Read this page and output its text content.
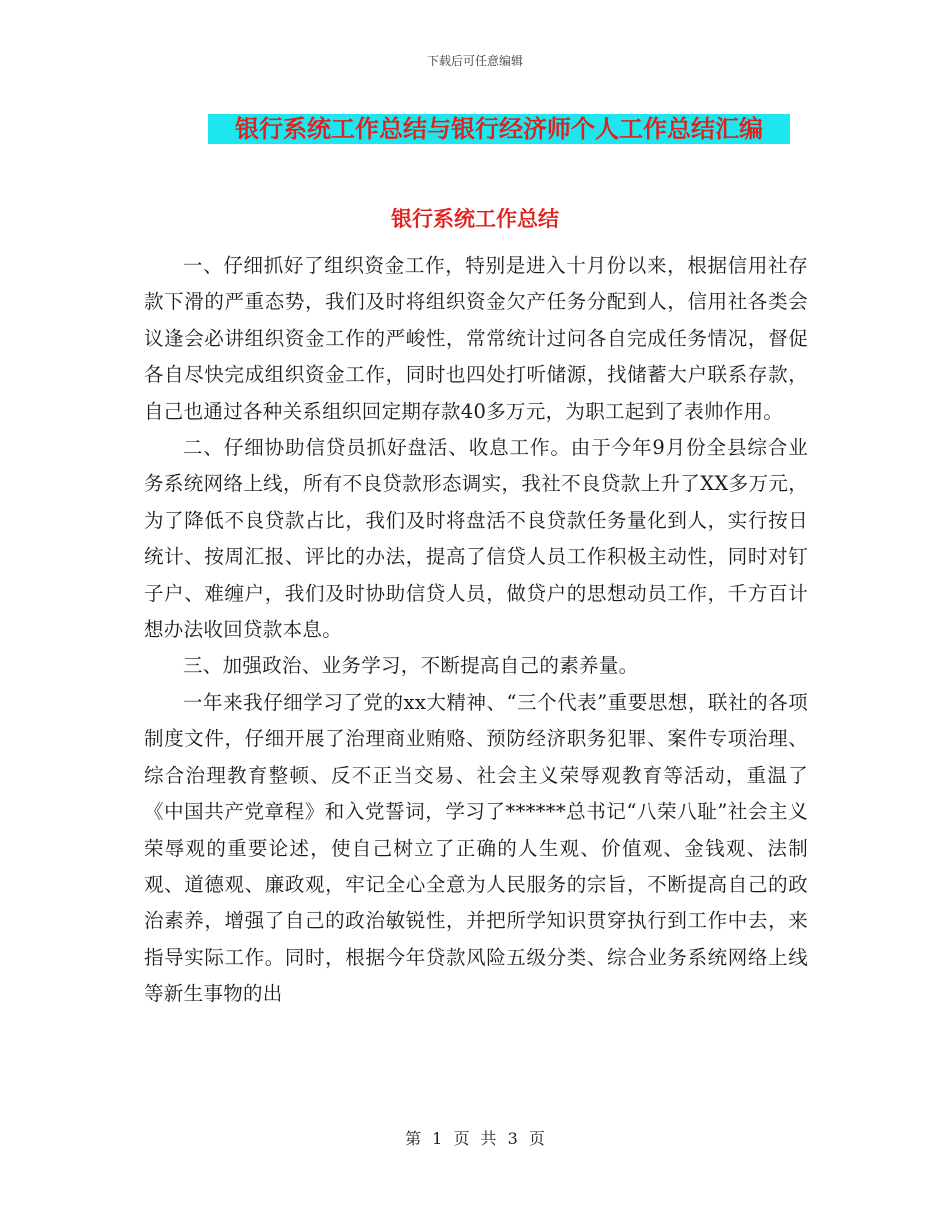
下载后可任意编辑
银行系统工作总结与银行经济师个人工作总结汇编
银行系统工作总结

一、仔细抓好了组织资金工作，特别是进入十月份以来，根据信用社存款下滑的严重态势，我们及时将组织资金欠产任务分配到人，信用社各类会议逢会必讲组织资金工作的严峻性，常常统计过问各自完成任务情况，督促各自尽快完成组织资金工作，同时也四处打听储源，找储蓄大户联系存款，自己也通过各种关系组织回定期存款40多万元，为职工起到了表帅作用。

二、仔细协助信贷员抓好盘活、收息工作。由于今年9月份全县综合业务系统网络上线，所有不良贷款形态调实，我社不良贷款上升了XX多万元，为了降低不良贷款占比，我们及时将盘活不良贷款任务量化到人，实行按日统计、按周汇报、评比的办法，提高了信贷人员工作积极主动性，同时对钉子户、难缠户，我们及时协助信贷人员，做贷户的思想动员工作，千方百计想办法收回贷款本息。

三、加强政治、业务学习，不断提高自己的素养量。

一年来我仔细学习了党的xx大精神、“三个代表”重要思想，联社的各项制度文件，仔细开展了治理商业贿赂、预防经济职务犯罪、案件专项治理、综合治理教育整顿、反不正当交易、社会主义荣辱观教育等活动，重温了《中国共产党章程》和入党誓词，学习了******总书记“八荣八耻”社会主义荣辱观的重要论述，使自己树立了正确的人生观、价值观、金钱观、法制观、道德观、廉政观，牢记全心全意为人民服务的宗旨，不断提高自己的政治素养，增强了自己的政治敏锐性，并把所学知识贯穿执行到工作中去，来指导实际工作。同时，根据今年贷款风险五级分类、综合业务系统网络上线等新生事物的出

第 1 页 共 3 页
